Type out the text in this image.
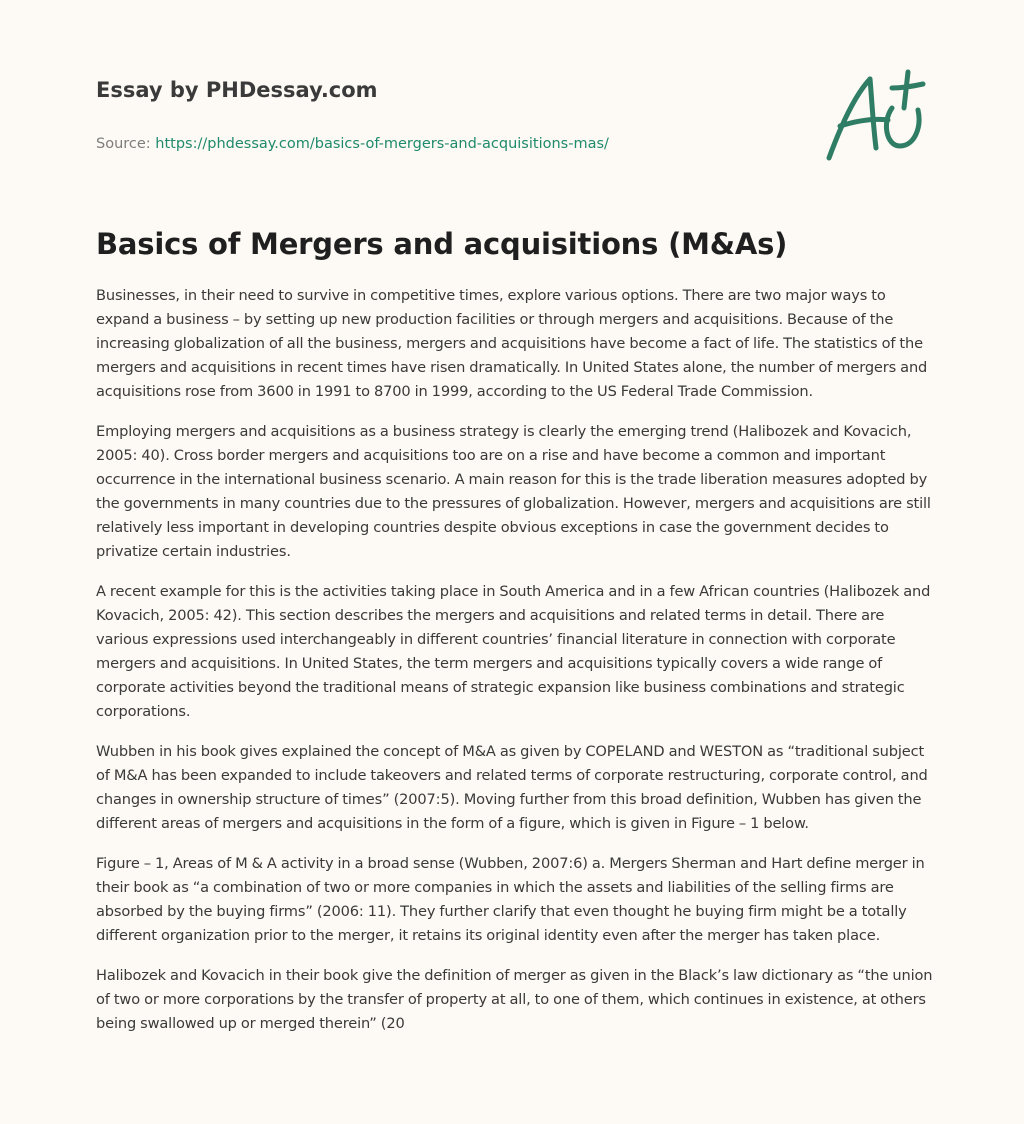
Essay by PHDessay.com

Source: https://phdessay.com/basics-of-mergers-and-acquisitions-mas/
Basics of Mergers and acquisitions (M&As)

Businesses, in their need to survive in competitive times, explore various options. There are two major ways to expand a business – by setting up new production facilities or through mergers and acquisitions. Because of the increasing globalization of all the business, mergers and acquisitions have become a fact of life. The statistics of the mergers and acquisitions in recent times have risen dramatically. In United States alone, the number of mergers and acquisitions rose from 3600 in 1991 to 8700 in 1999, according to the US Federal Trade Commission.

Employing mergers and acquisitions as a business strategy is clearly the emerging trend (Halibozek and Kovacich, 2005: 40). Cross border mergers and acquisitions too are on a rise and have become a common and important occurrence in the international business scenario. A main reason for this is the trade liberation measures adopted by the governments in many countries due to the pressures of globalization. However, mergers and acquisitions are still relatively less important in developing countries despite obvious exceptions in case the government decides to privatize certain industries.

A recent example for this is the activities taking place in South America and in a few African countries (Halibozek and Kovacich, 2005: 42). This section describes the mergers and acquisitions and related terms in detail. There are various expressions used interchangeably in different countries’ financial literature in connection with corporate mergers and acquisitions. In United States, the term mergers and acquisitions typically covers a wide range of corporate activities beyond the traditional means of strategic expansion like business combinations and strategic corporations.

Wubben in his book gives explained the concept of M&A as given by COPELAND and WESTON as “traditional subject of M&A has been expanded to include takeovers and related terms of corporate restructuring, corporate control, and changes in ownership structure of times” (2007:5). Moving further from this broad definition, Wubben has given the different areas of mergers and acquisitions in the form of a figure, which is given in Figure – 1 below.

Figure – 1, Areas of M & A activity in a broad sense (Wubben, 2007:6) a. Mergers Sherman and Hart define merger in their book as “a combination of two or more companies in which the assets and liabilities of the selling firms are absorbed by the buying firms” (2006: 11). They further clarify that even thought he buying firm might be a totally different organization prior to the merger, it retains its original identity even after the merger has taken place.

Halibozek and Kovacich in their book give the definition of merger as given in the Black’s law dictionary as “the union of two or more corporations by the transfer of property at all, to one of them, which continues in existence, at others being swallowed up or merged therein” (20
